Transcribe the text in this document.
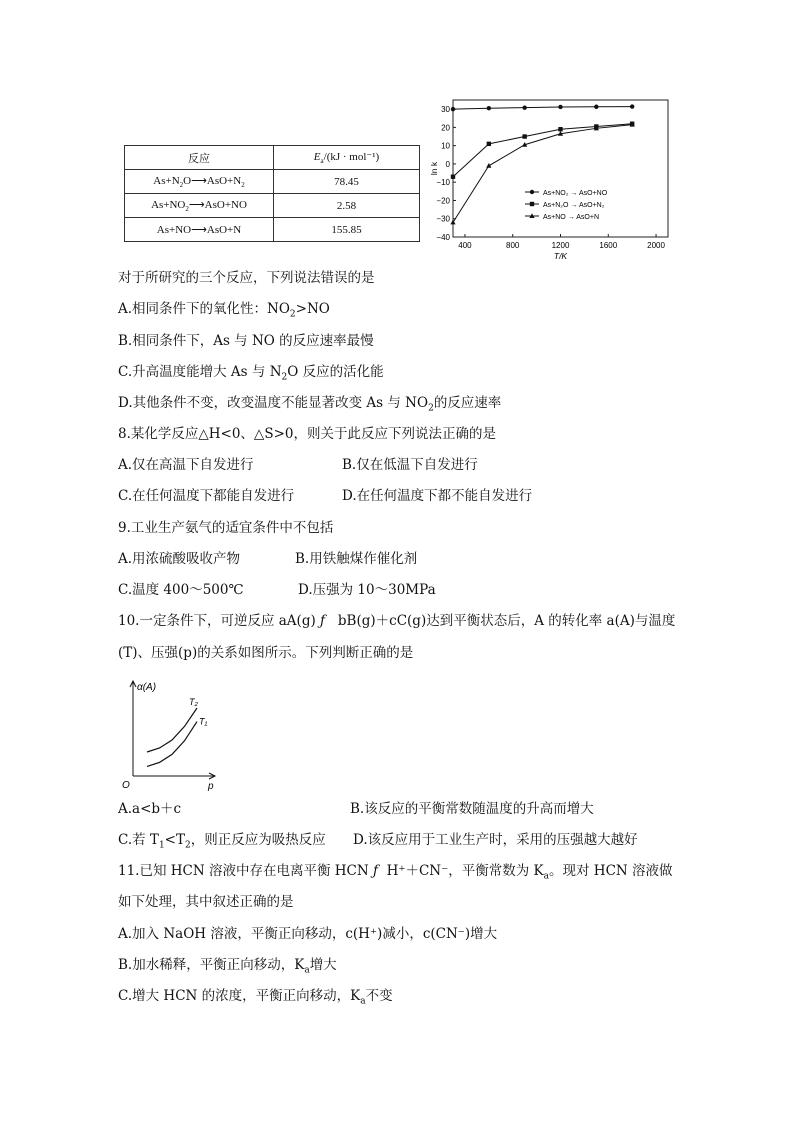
反应	$E_a/(kJ \cdot mol^{-1})$
$As+N_2O⟶AsO+N_2$	78.45
$As+NO_2⟶AsO+NO$	2.58
As+NO⟶AsO+N	155.85
400	800	1200	1600	2000
30
20
10
0
−10
−20
−30
−40
T/K
ln k
As+NO₂ → AsO+NO
As+N₂O → AsO+N₂
As+NO → AsO+N
对于所研究的三个反应，下列说法错误的是
A.相同条件下的氧化性：$NO_2>NO$
B.相同条件下，As 与 NO 的反应速率最慢
C.升高温度能增大 As 与 $N_2O$ 反应的活化能
D.其他条件不变，改变温度不能显著改变 As 与 $NO_2$的反应速率
8.某化学反应△H<0、△S>0，则关于此反应下列说法正确的是
A.仅在高温下自发进行	B.仅在低温下自发进行
C.在任何温度下都能自发进行	D.在任何温度下都不能自发进行
9.工业生产氨气的适宜条件中不包括
A.用浓硫酸吸收产物	B.用铁触煤作催化剂
C.温度 400～500℃	D.压强为 10～30MPa
10.一定条件下，可逆反应 aA(g) ƒ bB(g)＋cC(g)达到平衡状态后，A 的转化率 a(A)与温度
(T)、压强(p)的关系如图所示。下列判断正确的是
α(A)
p
O
T₂
T₁
A.a<b＋c	B.该反应的平衡常数随温度的升高而增大
C.若 $T_1<T_2$，则正反应为吸热反应 D.该反应用于工业生产时，采用的压强越大越好
11.已知 HCN 溶液中存在电离平衡 HCN ƒ H⁺＋CN⁻，平衡常数为 $K_a$。现对 HCN 溶液做
如下处理，其中叙述正确的是
A.加入 NaOH 溶液，平衡正向移动，c(H⁺)减小，c(CN⁻)增大
B.加水稀释，平衡正向移动，$K_a$增大
C.增大 HCN 的浓度，平衡正向移动，$K_a$不变
